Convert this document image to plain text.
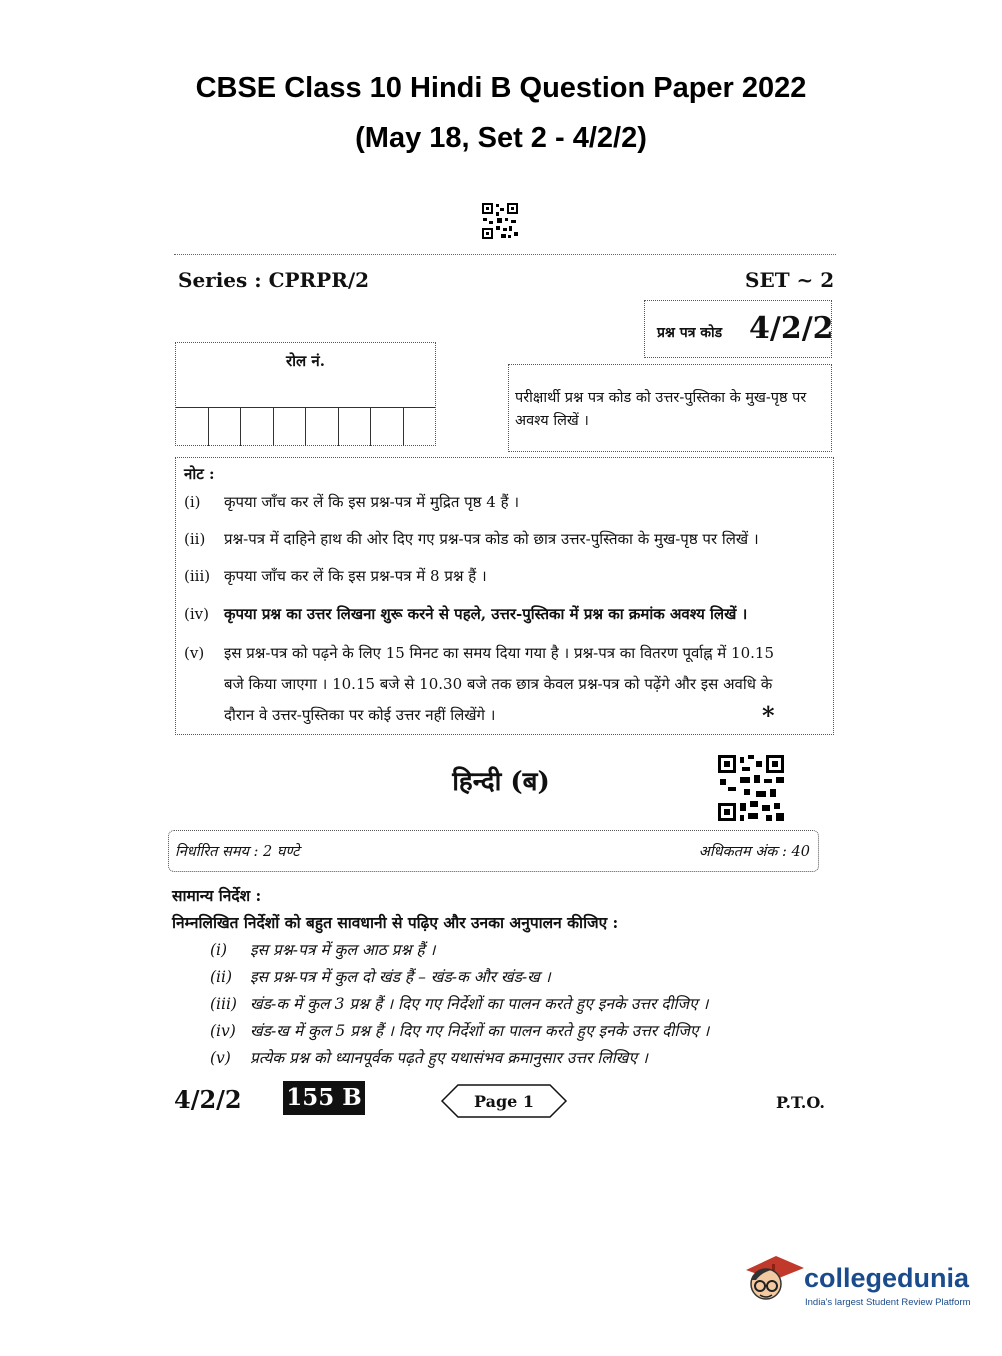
CBSE Class 10 Hindi B Question Paper 2022
(May 18, Set 2 - 4/2/2)
Series : CPRPR/2	SET ~ 2
प्रश्न पत्र कोड 4/2/2
रोल नं.
परीक्षार्थी प्रश्न पत्र कोड को उत्तर-पुस्तिका के मुख-पृष्ठ पर अवश्य लिखें ।
नोट :
(i) कृपया जाँच कर लें कि इस प्रश्न-पत्र में मुद्रित पृष्ठ 4 हैं ।
(ii) प्रश्न-पत्र में दाहिने हाथ की ओर दिए गए प्रश्न-पत्र कोड को छात्र उत्तर-पुस्तिका के मुख-पृष्ठ पर लिखें ।
(iii) कृपया जाँच कर लें कि इस प्रश्न-पत्र में 8 प्रश्न हैं ।
(iv) कृपया प्रश्न का उत्तर लिखना शुरू करने से पहले, उत्तर-पुस्तिका में प्रश्न का क्रमांक अवश्य लिखें ।
(v) इस प्रश्न-पत्र को पढ़ने के लिए 15 मिनट का समय दिया गया है । प्रश्न-पत्र का वितरण पूर्वाह्न में 10.15
बजे किया जाएगा । 10.15 बजे से 10.30 बजे तक छात्र केवल प्रश्न-पत्र को पढ़ेंगे और इस अवधि के
दौरान वे उत्तर-पुस्तिका पर कोई उत्तर नहीं लिखेंगे ।	*
हिन्दी (ब)
निर्धारित समय : 2 घण्टे	अधिकतम अंक : 40
सामान्य निर्देश :
निम्नलिखित निर्देशों को बहुत सावधानी से पढ़िए और उनका अनुपालन कीजिए :
(i) इस प्रश्न-पत्र में कुल आठ प्रश्न हैं ।
(ii) इस प्रश्न-पत्र में कुल दो खंड हैं – खंड-क और खंड-ख ।
(iii) खंड-क में कुल 3 प्रश्न हैं । दिए गए निर्देशों का पालन करते हुए इनके उत्तर दीजिए ।
(iv) खंड-ख में कुल 5 प्रश्न हैं । दिए गए निर्देशों का पालन करते हुए इनके उत्तर दीजिए ।
(v) प्रत्येक प्रश्न को ध्यानपूर्वक पढ़ते हुए यथासंभव क्रमानुसार उत्तर लिखिए ।
4/2/2 155 B	Page 1	P.T.O.
collegedunia
India's largest Student Review Platform
